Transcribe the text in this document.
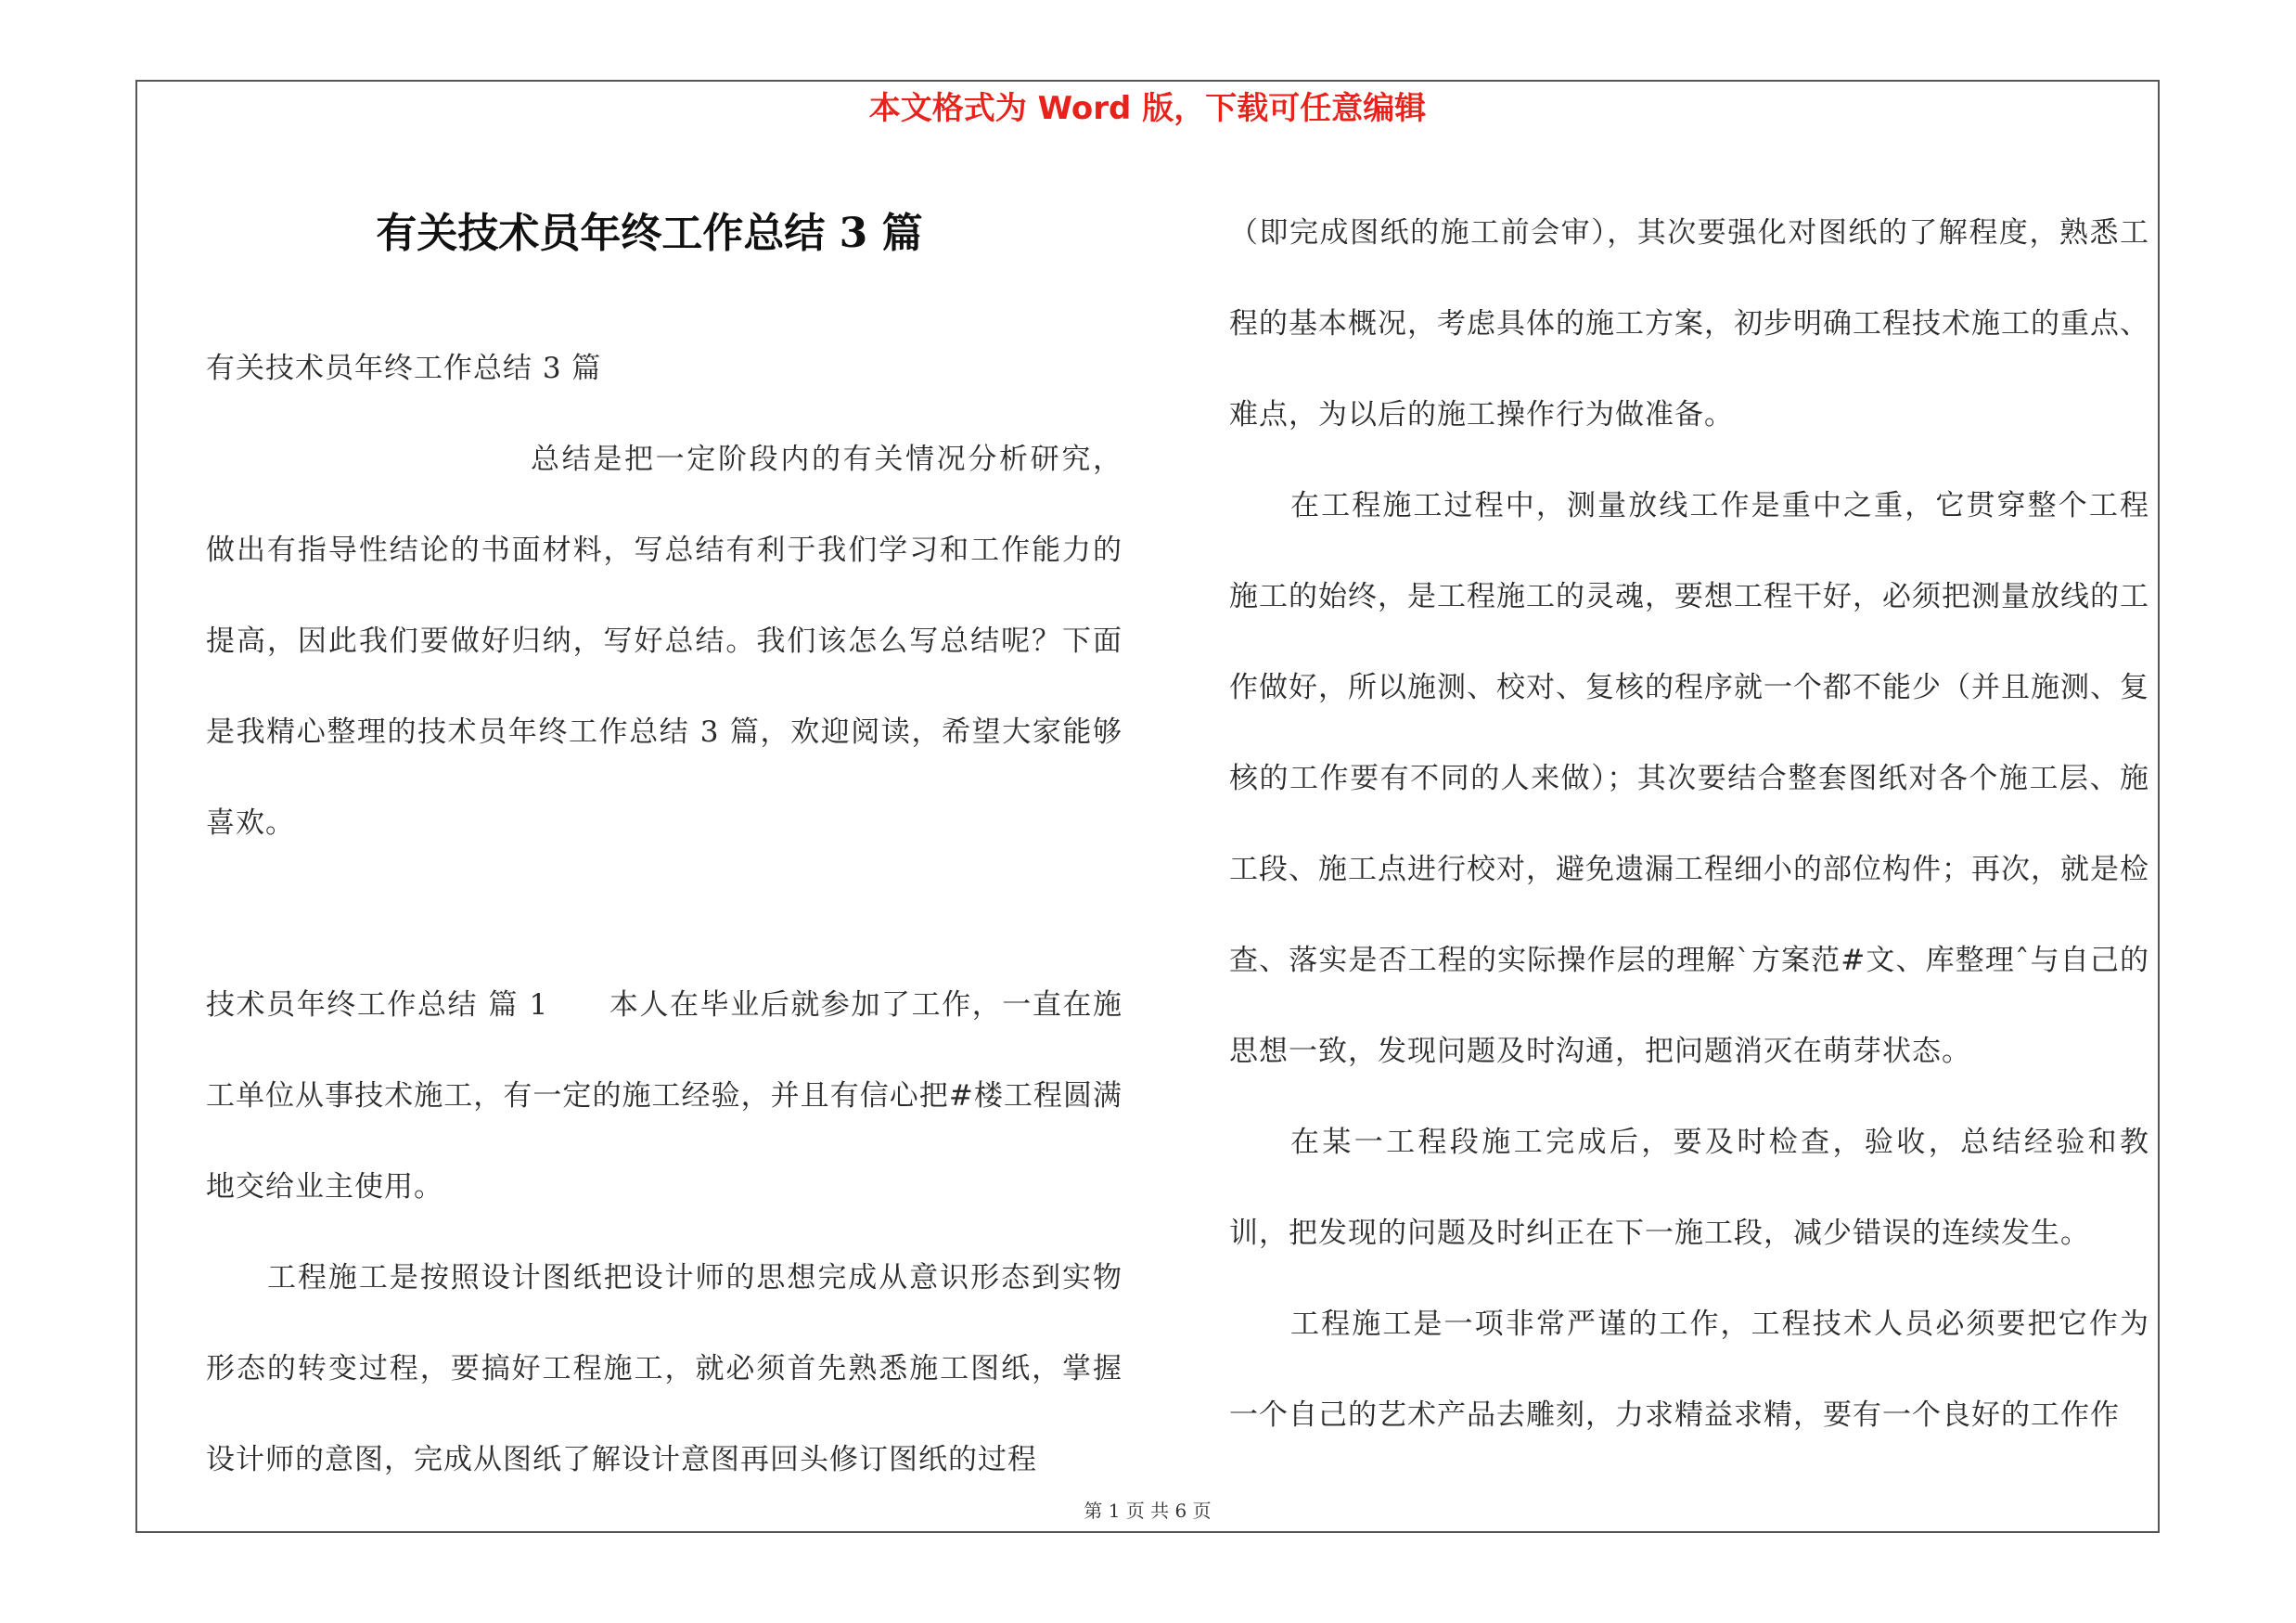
本文格式为 Word 版，下载可任意编辑
有关技术员年终工作总结 3 篇

有关技术员年终工作总结 3 篇

总结是把一定阶段内的有关情况分析研究，做出有指导性结论的书面材料，写总结有利于我们学习和工作能力的提高，因此我们要做好归纳，写好总结。我们该怎么写总结呢？下面是我精心整理的技术员年终工作总结 3 篇，欢迎阅读，希望大家能够喜欢。

技术员年终工作总结 篇 1　　本人在毕业后就参加了工作，一直在施工单位从事技术施工，有一定的施工经验，并且有信心把#楼工程圆满地交给业主使用。

工程施工是按照设计图纸把设计师的思想完成从意识形态到实物形态的转变过程，要搞好工程施工，就必须首先熟悉施工图纸，掌握设计师的意图，完成从图纸了解设计意图再回头修订图纸的过程

（即完成图纸的施工前会审），其次要强化对图纸的了解程度，熟悉工程的基本概况，考虑具体的施工方案，初步明确工程技术施工的重点、难点，为以后的施工操作行为做准备。

在工程施工过程中，测量放线工作是重中之重，它贯穿整个工程施工的始终，是工程施工的灵魂，要想工程干好，必须把测量放线的工作做好，所以施测、校对、复核的程序就一个都不能少（并且施测、复核的工作要有不同的人来做）；其次要结合整套图纸对各个施工层、施工段、施工点进行校对，避免遗漏工程细小的部位构件；再次，就是检查、落实是否工程的实际操作层的理解`方案范#文、库整理ˆ与自己的思想一致，发现问题及时沟通，把问题消灭在萌芽状态。

在某一工程段施工完成后，要及时检查，验收，总结经验和教训，把发现的问题及时纠正在下一施工段，减少错误的连续发生。

工程施工是一项非常严谨的工作，工程技术人员必须要把它作为一个自己的艺术产品去雕刻，力求精益求精，要有一个良好的工作作

第 1 页 共 6 页
